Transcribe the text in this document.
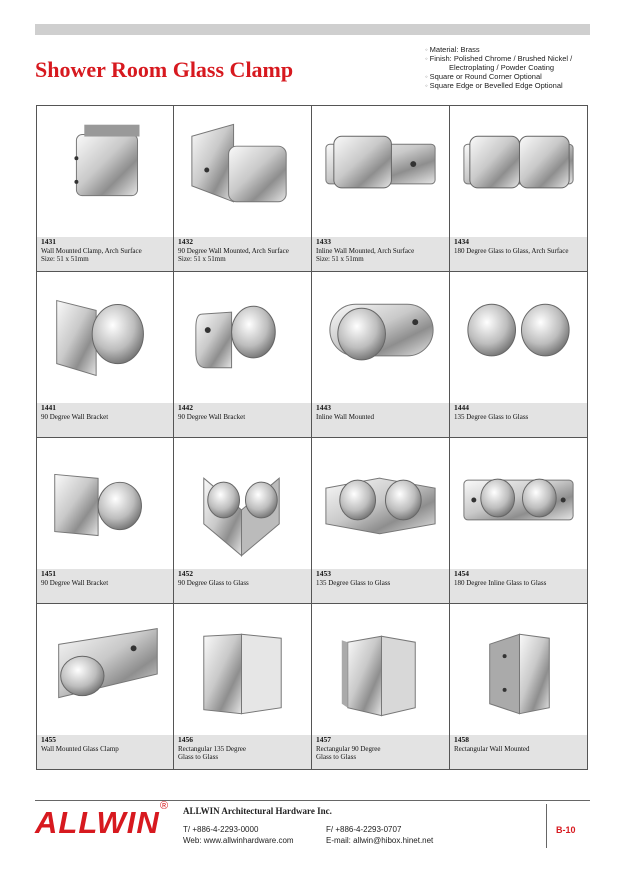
Shower Room Glass Clamp
◦ Material: Brass
◦ Finish: Polished Chrome / Brushed Nickel /
Electroplating / Powder Coating
◦ Square or Round Corner Optional
◦ Square Edge or Bevelled Edge Optional
1431
Wall Mounted Clamp, Arch Surface
Size: 51 x 51mm
1432
90 Degree Wall Mounted, Arch Surface
Size: 51 x 51mm
1433
Inline Wall Mounted, Arch Surface
Size: 51 x 51mm
1434
180 Degree Glass to Glass, Arch Surface
1441
90 Degree Wall Bracket
1442
90 Degree Wall Bracket
1443
Inline Wall Mounted
1444
135 Degree Glass to Glass
1451
90 Degree Wall Bracket
1452
90 Degree Glass to Glass
1453
135 Degree Glass to Glass
1454
180 Degree Inline Glass to Glass
1455
Wall Mounted Glass Clamp
1456
Rectangular 135 Degree
Glass to Glass
1457
Rectangular 90 Degree
Glass to Glass
1458
Rectangular Wall Mounted
ALLWIN ® ALLWIN Architectural Hardware Inc.
T/ +886-4-2293-0000	F/ +886-4-2293-0707
Web: www.allwinhardware.com	E-mail: allwin@hibox.hinet.net
B-10
